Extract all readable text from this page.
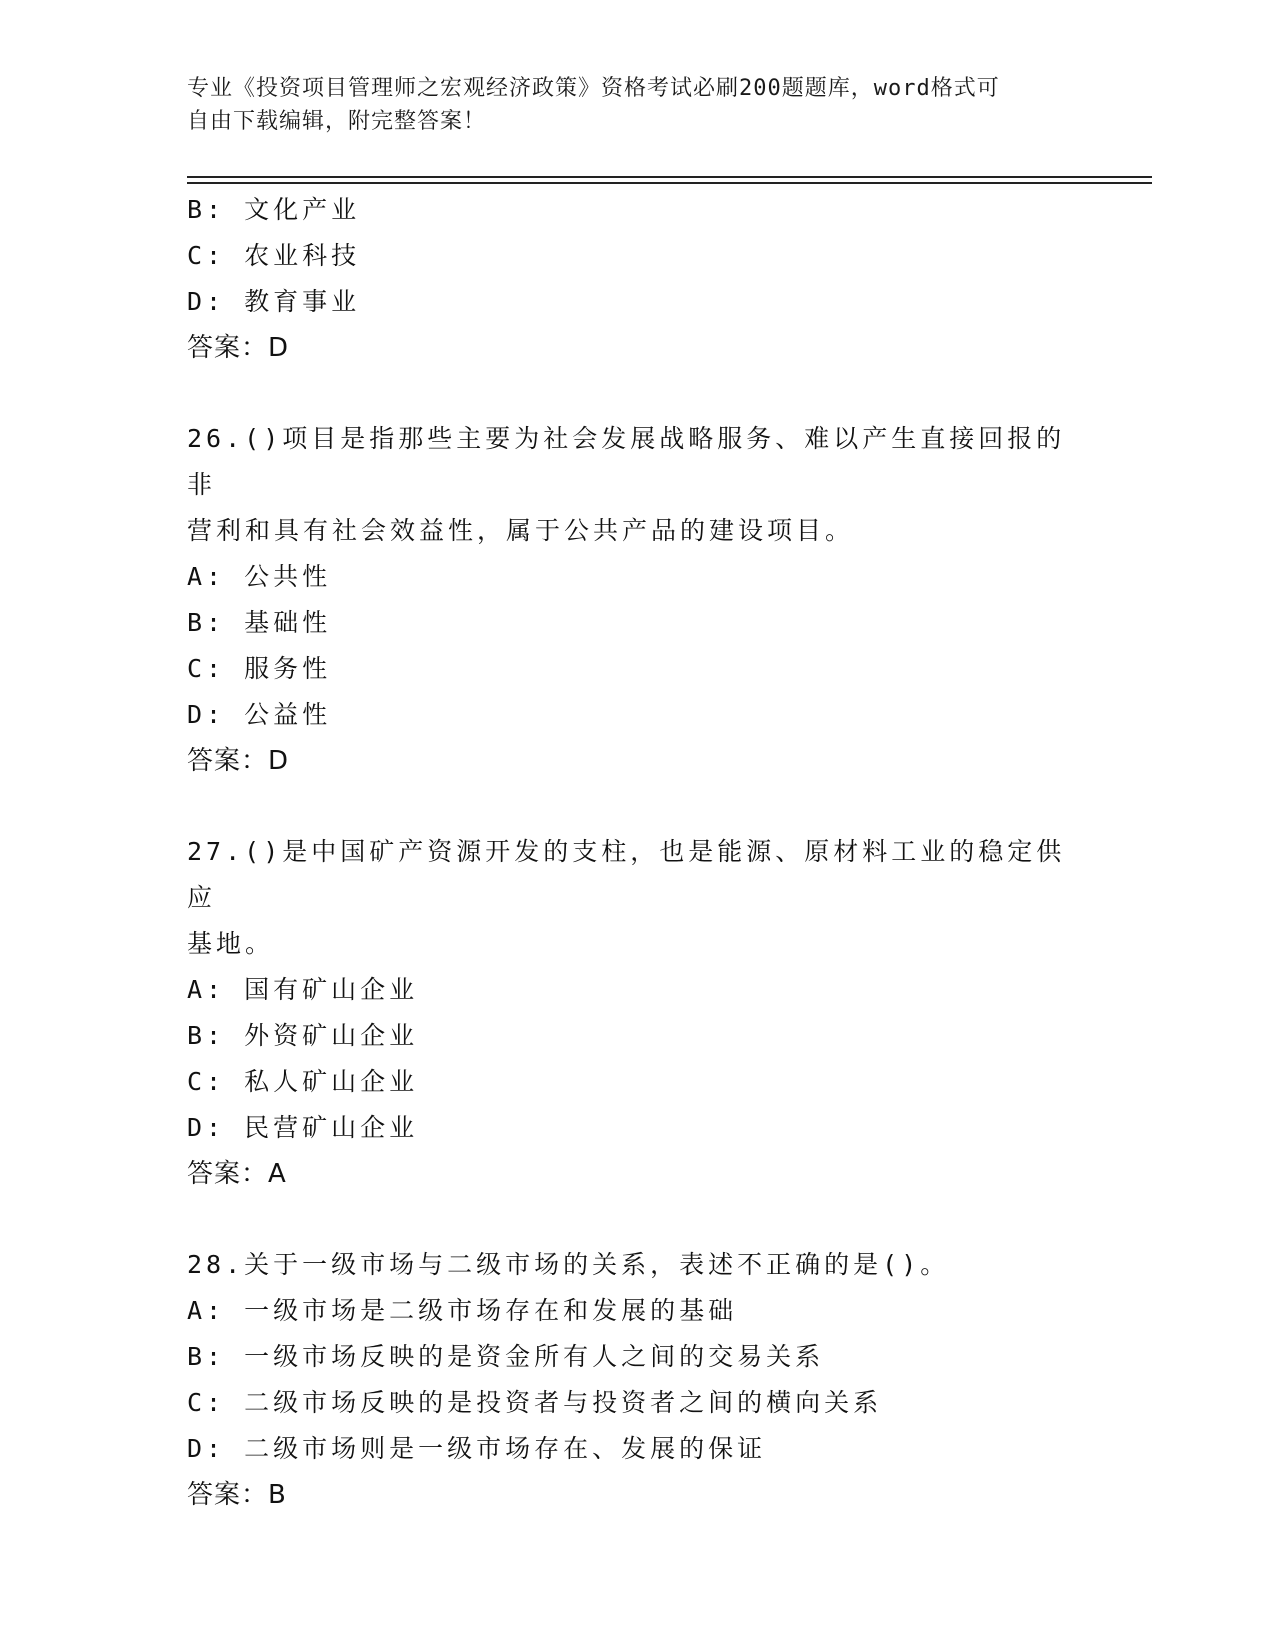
专业《投资项目管理师之宏观经济政策》资格考试必刷200题题库，word格式可
自由下载编辑，附完整答案！
B: 文化产业
C: 农业科技
D: 教育事业
答案：D
26.()项目是指那些主要为社会发展战略服务、难以产生直接回报的非
营利和具有社会效益性，属于公共产品的建设项目。
A: 公共性
B: 基础性
C: 服务性
D: 公益性
答案：D
27.()是中国矿产资源开发的支柱，也是能源、原材料工业的稳定供应
基地。
A: 国有矿山企业
B: 外资矿山企业
C: 私人矿山企业
D: 民营矿山企业
答案：A
28.关于一级市场与二级市场的关系，表述不正确的是()。
A: 一级市场是二级市场存在和发展的基础
B: 一级市场反映的是资金所有人之间的交易关系
C: 二级市场反映的是投资者与投资者之间的横向关系
D: 二级市场则是一级市场存在、发展的保证
答案：B
